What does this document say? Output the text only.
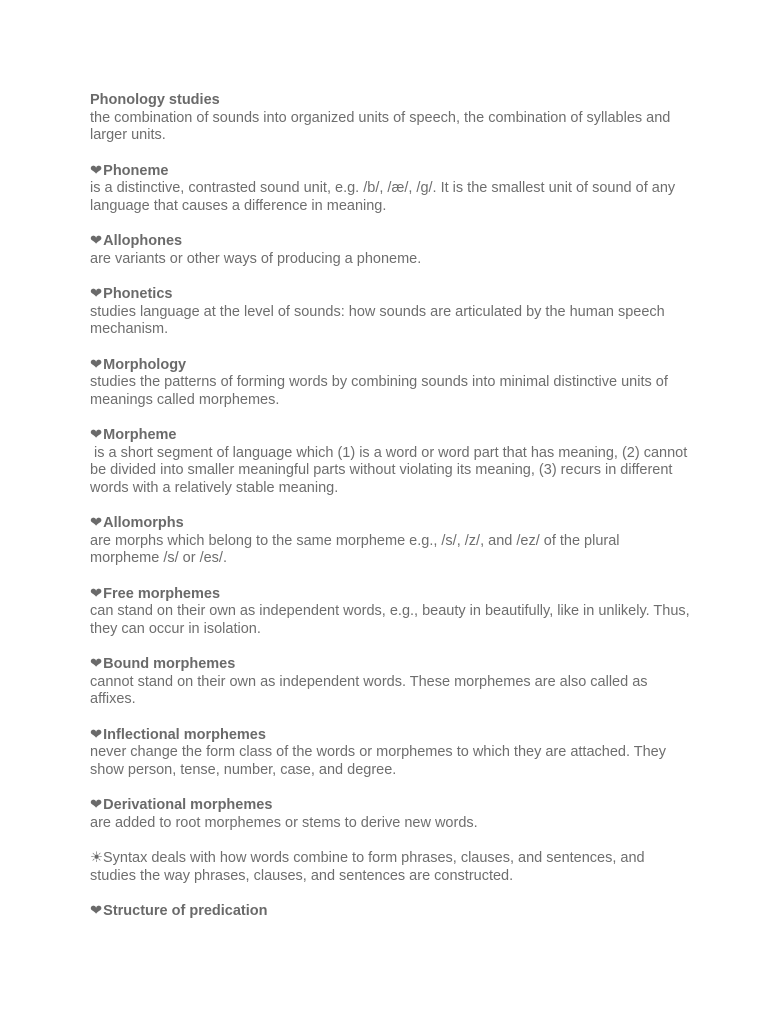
Phonology studies
the combination of sounds into organized units of speech, the combination of syllables and larger units.
❤Phoneme
is a distinctive, contrasted sound unit, e.g. /b/, /æ/, /g/. It is the smallest unit of sound of any language that causes a difference in meaning.
❤Allophones
are variants or other ways of producing a phoneme.
❤Phonetics
studies language at the level of sounds: how sounds are articulated by the human speech mechanism.
❤Morphology
studies the patterns of forming words by combining sounds into minimal distinctive units of meanings called morphemes.
❤Morpheme
is a short segment of language which (1) is a word or word part that has meaning, (2) cannot be divided into smaller meaningful parts without violating its meaning, (3) recurs in different words with a relatively stable meaning.
❤Allomorphs
are morphs which belong to the same morpheme e.g., /s/, /z/, and /ez/ of the plural morpheme /s/ or /es/.
❤Free morphemes
can stand on their own as independent words, e.g., beauty in beautifully, like in unlikely. Thus, they can occur in isolation.
❤Bound morphemes
cannot stand on their own as independent words. These morphemes are also called as affixes.
❤Inflectional morphemes
never change the form class of the words or morphemes to which they are attached. They show person, tense, number, case, and degree.
❤Derivational morphemes
are added to root morphemes or stems to derive new words.
☀Syntax deals with how words combine to form phrases, clauses, and sentences, and studies the way phrases, clauses, and sentences are constructed.
❤Structure of predication
